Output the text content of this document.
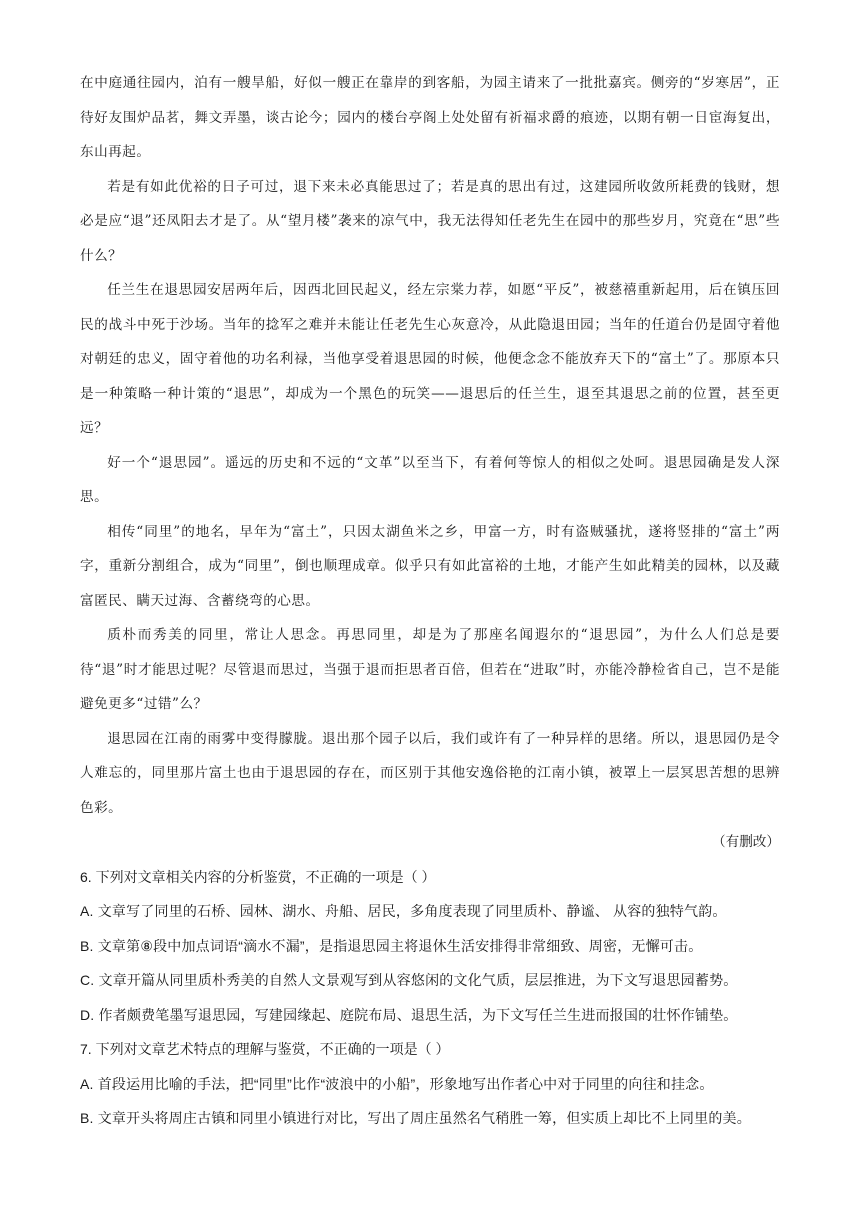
在中庭通往园内，泊有一艘旱船，好似一艘正在靠岸的到客船，为园主请来了一批批嘉宾。侧旁的“岁寒居”，正待好友围炉品茗，舞文弄墨，谈古论今；园内的楼台亭阁上处处留有祈福求爵的痕迹，以期有朝一日宦海复出，东山再起。

若是有如此优裕的日子可过，退下来未必真能思过了；若是真的思出有过，这建园所收敛所耗费的钱财，想必是应“退”还凤阳去才是了。从“望月楼”袭来的凉气中，我无法得知任老先生在园中的那些岁月，究竟在“思”些什么？

任兰生在退思园安居两年后，因西北回民起义，经左宗棠力荐，如愿“平反”，被慈禧重新起用，后在镇压回民的战斗中死于沙场。当年的捻军之难并未能让任老先生心灰意冷，从此隐退田园；当年的任道台仍是固守着他对朝廷的忠义，固守着他的功名利禄，当他享受着退思园的时候，他便念念不能放弃天下的“富土”了。那原本只是一种策略一种计策的“退思”，却成为一个黑色的玩笑——退思后的任兰生，退至其退思之前的位置，甚至更远？

好一个“退思园”。遥远的历史和不远的“文革”以至当下，有着何等惊人的相似之处呵。退思园确是发人深思。

相传“同里”的地名，早年为“富土”，只因太湖鱼米之乡，甲富一方，时有盗贼骚扰，遂将竖排的“富土”两字，重新分割组合，成为“同里”，倒也顺理成章。似乎只有如此富裕的土地，才能产生如此精美的园林，以及藏富匿民、瞒天过海、含蓄绕弯的心思。

质朴而秀美的同里，常让人思念。再思同里，却是为了那座名闻遐尔的“退思园”，为什么人们总是要待“退”时才能思过呢？尽管退而思过，当强于退而拒思者百倍，但若在“进取”时，亦能冷静检省自己，岂不是能避免更多“过错”么？

退思园在江南的雨雾中变得朦胧。退出那个园子以后，我们或许有了一种异样的思绪。所以，退思园仍是令人难忘的，同里那片富土也由于退思园的存在，而区别于其他安逸俗艳的江南小镇，被罩上一层冥思苦想的思辨色彩。

（有删改）

6. 下列对文章相关内容的分析鉴赏，不正确的一项是（ ）

A. 文章写了同里的石桥、园林、湖水、舟船、居民，多角度表现了同里质朴、静谧、 从容的独特气韵。

B. 文章第⑧段中加点词语“滴水不漏”，是指退思园主将退休生活安排得非常细致、周密，无懈可击。

C. 文章开篇从同里质朴秀美的自然人文景观写到从容悠闲的文化气质，层层推进，为下文写退思园蓄势。

D. 作者颇费笔墨写退思园，写建园缘起、庭院布局、退思生活，为下文写任兰生进而报国的壮怀作铺垫。

7. 下列对文章艺术特点的理解与鉴赏，不正确的一项是（ ）

A. 首段运用比喻的手法，把“同里”比作“波浪中的小船”，形象地写出作者心中对于同里的向往和挂念。

B. 文章开头将周庄古镇和同里小镇进行对比，写出了周庄虽然名气稍胜一筹，但实质上却比不上同里的美。
